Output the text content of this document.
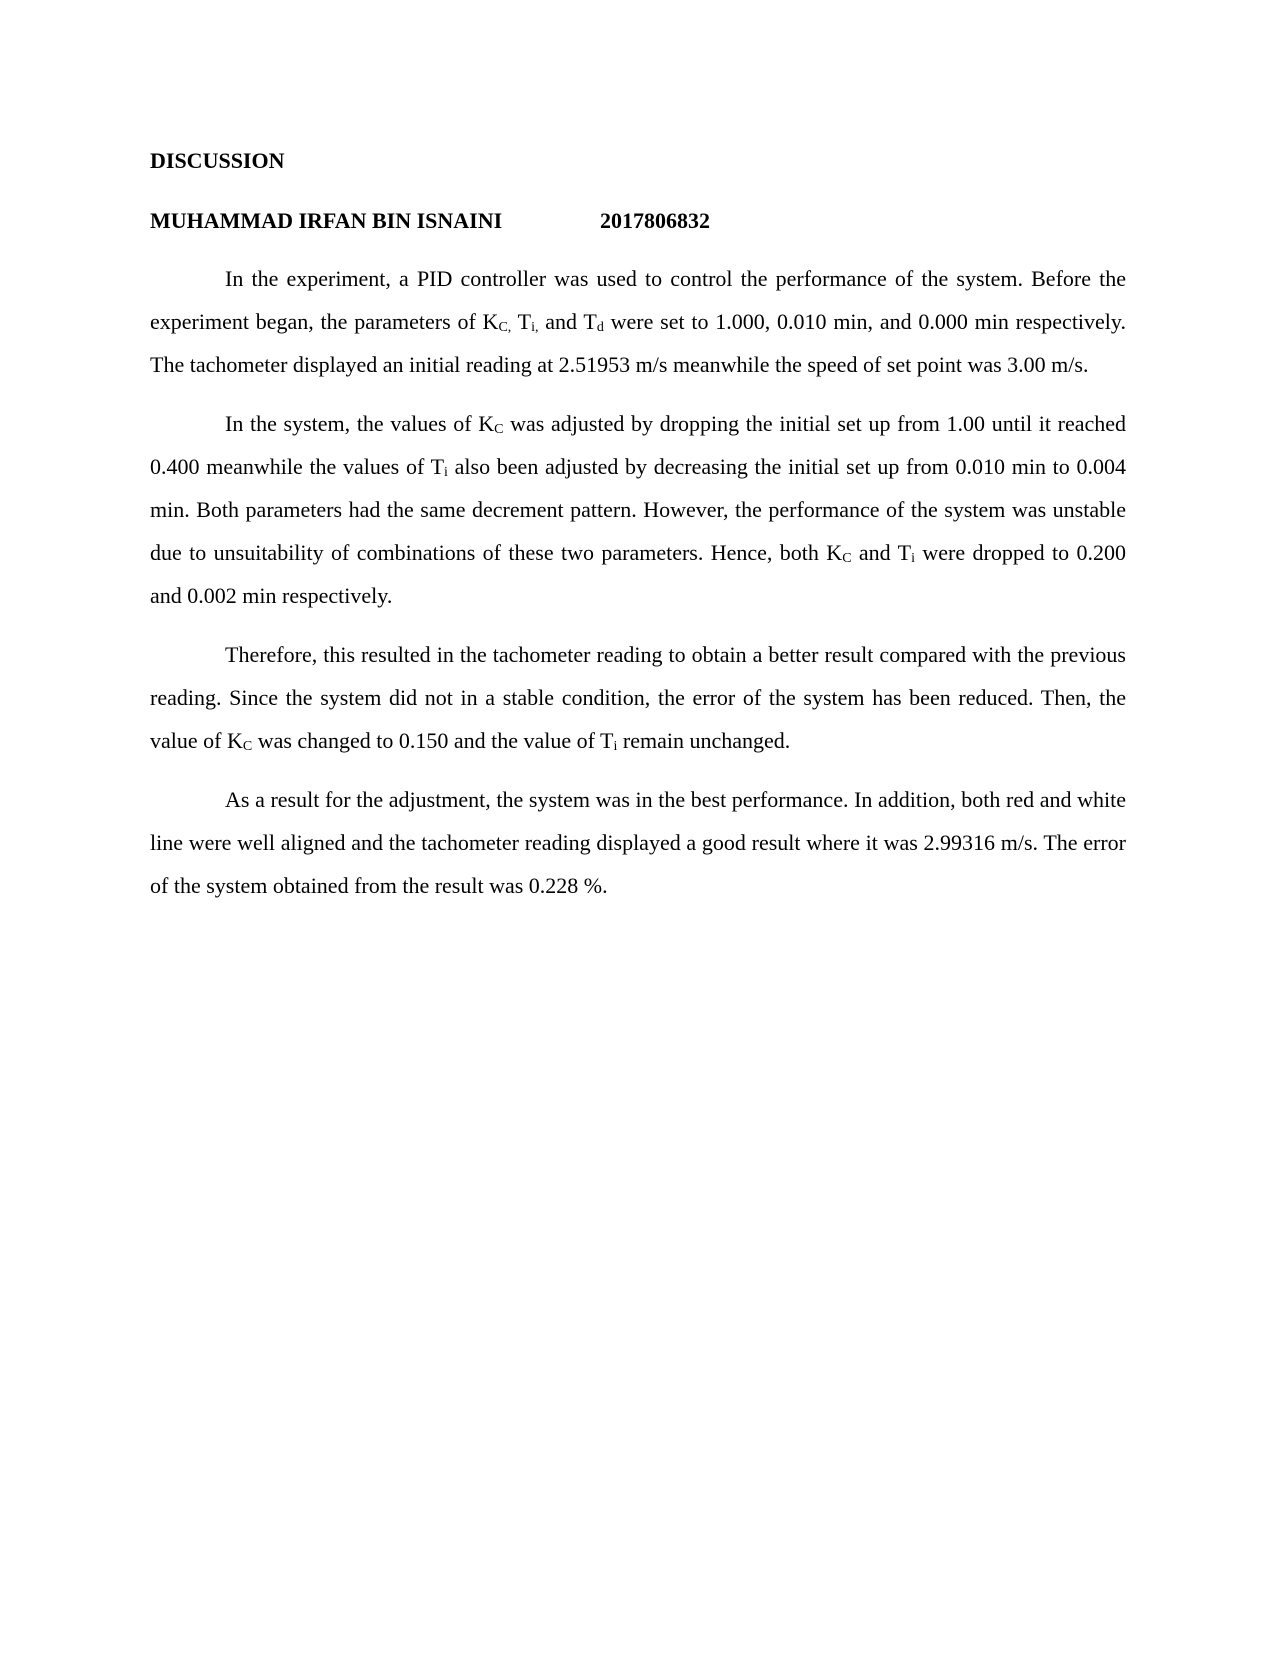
DISCUSSION
MUHAMMAD IRFAN BIN ISNAINI	2017806832

In the experiment, a PID controller was used to control the performance of the system. Before the experiment began, the parameters of KC, Ti, and Td were set to 1.000, 0.010 min, and 0.000 min respectively. The tachometer displayed an initial reading at 2.51953 m/s meanwhile the speed of set point was 3.00 m/s.

In the system, the values of KC was adjusted by dropping the initial set up from 1.00 until it reached 0.400 meanwhile the values of Ti also been adjusted by decreasing the initial set up from 0.010 min to 0.004 min. Both parameters had the same decrement pattern. However, the performance of the system was unstable due to unsuitability of combinations of these two parameters. Hence, both KC and Ti were dropped to 0.200 and 0.002 min respectively.

Therefore, this resulted in the tachometer reading to obtain a better result compared with the previous reading. Since the system did not in a stable condition, the error of the system has been reduced. Then, the value of KC was changed to 0.150 and the value of Ti remain unchanged.

As a result for the adjustment, the system was in the best performance. In addition, both red and white line were well aligned and the tachometer reading displayed a good result where it was 2.99316 m/s. The error of the system obtained from the result was 0.228 %.
